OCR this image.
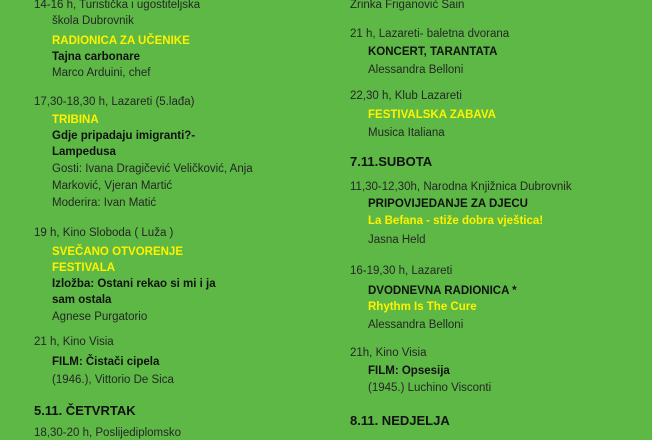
14-16 h, Turistička i ugostiteljska
škola Dubrovnik
RADIONICA ZA UČENIKE
Tajna carbonare
Marco Arduini, chef
17,30-18,30 h, Lazareti (5.lađa)
TRIBINA
Gdje pripadaju imigranti?-
Lampedusa
Gosti: Ivana Dragičević Veličković, Anja
Marković, Vjeran Martić
Moderira: Ivan Matić
19 h, Kino Sloboda ( Luža )
SVEČANO OTVORENJE
FESTIVALA
Izložba: Ostani rekao si mi i ja
sam ostala
Agnese Purgatorio
21 h, Kino Visia
FILM: Čistači cipela
(1946.), Vittorio De Sica
5.11. ČETVRTAK
18,30-20 h, Poslijediplomsko
Zrinka Friganović Sain
21 h, Lazareti- baletna dvorana
KONCERT, TARANTATA
Alessandra Belloni
22,30 h, Klub Lazareti
FESTIVALSKA ZABAVA
Musica Italiana
7.11.SUBOTA
11,30-12,30h, Narodna Knjižnica Dubrovnik
PRIPOVIJEDANJE ZA DJECU
La Befana - stiže dobra vještica!
Jasna Held
16-19,30 h, Lazareti
DVODNEVNA RADIONICA *
Rhythm Is The Cure
Alessandra Belloni
21h, Kino Visia
FILM: Opsesija
(1945.) Luchino Visconti
8.11. NEDJELJA
